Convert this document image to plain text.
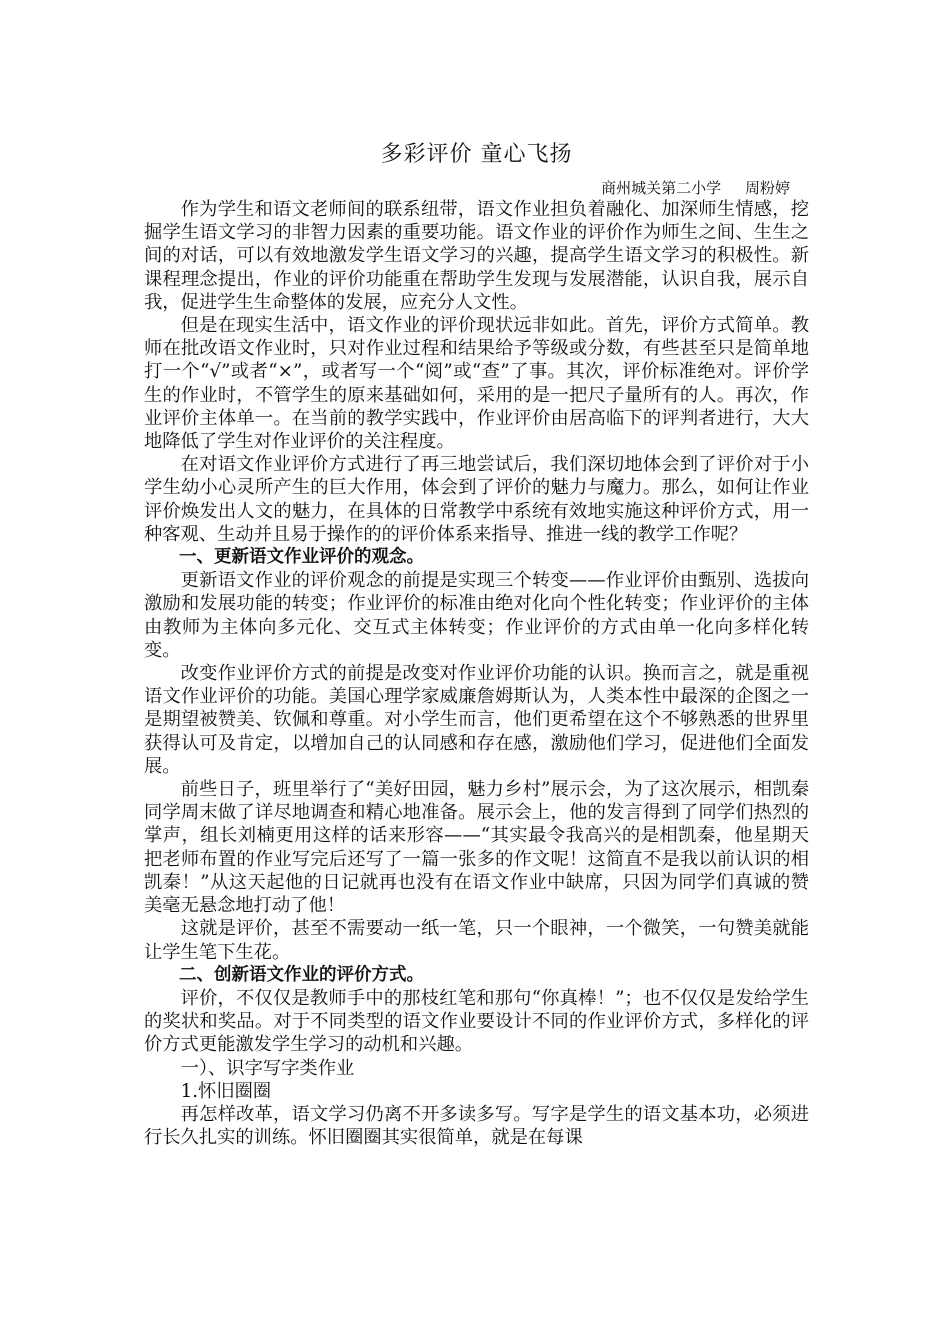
多彩评价 童心飞扬
商州城关第二小学     周粉婷

作为学生和语文老师间的联系纽带，语文作业担负着融化、加深师生情感，挖掘学生语文学习的非智力因素的重要功能。语文作业的评价作为师生之间、生生之间的对话，可以有效地激发学生语文学习的兴趣，提高学生语文学习的积极性。新课程理念提出，作业的评价功能重在帮助学生发现与发展潜能，认识自我，展示自我，促进学生生命整体的发展，应充分人文性。

但是在现实生活中，语文作业的评价现状远非如此。首先，评价方式简单。教师在批改语文作业时，只对作业过程和结果给予等级或分数，有些甚至只是简单地打一个“√”或者“×”，或者写一个“阅”或“查”了事。其次，评价标准绝对。评价学生的作业时，不管学生的原来基础如何，采用的是一把尺子量所有的人。再次，作业评价主体单一。在当前的教学实践中，作业评价由居高临下的评判者进行，大大地降低了学生对作业评价的关注程度。

在对语文作业评价方式进行了再三地尝试后，我们深切地体会到了评价对于小学生幼小心灵所产生的巨大作用，体会到了评价的魅力与魔力。那么，如何让作业评价焕发出人文的魅力，在具体的日常教学中系统有效地实施这种评价方式，用一种客观、生动并且易于操作的的评价体系来指导、推进一线的教学工作呢？

一、更新语文作业评价的观念。

更新语文作业的评价观念的前提是实现三个转变——作业评价由甄别、选拔向激励和发展功能的转变；作业评价的标准由绝对化向个性化转变；作业评价的主体由教师为主体向多元化、交互式主体转变；作业评价的方式由单一化向多样化转变。

改变作业评价方式的前提是改变对作业评价功能的认识。换而言之，就是重视语文作业评价的功能。美国心理学家威廉詹姆斯认为，人类本性中最深的企图之一是期望被赞美、钦佩和尊重。对小学生而言，他们更希望在这个不够熟悉的世界里获得认可及肯定，以增加自己的认同感和存在感，激励他们学习，促进他们全面发展。

前些日子，班里举行了“美好田园，魅力乡村”展示会，为了这次展示，相凯秦同学周末做了详尽地调查和精心地准备。展示会上，他的发言得到了同学们热烈的掌声，组长刘楠更用这样的话来形容——“其实最令我高兴的是相凯秦，他星期天把老师布置的作业写完后还写了一篇一张多的作文呢！这简直不是我以前认识的相凯秦！”从这天起他的日记就再也没有在语文作业中缺席，只因为同学们真诚的赞美毫无悬念地打动了他！

这就是评价，甚至不需要动一纸一笔，只一个眼神，一个微笑，一句赞美就能让学生笔下生花。

二、创新语文作业的评价方式。

评价，不仅仅是教师手中的那枝红笔和那句“你真棒！”；也不仅仅是发给学生的奖状和奖品。对于不同类型的语文作业要设计不同的作业评价方式，多样化的评价方式更能激发学生学习的动机和兴趣。

一）、识字写字类作业

1.怀旧圈圈

再怎样改革，语文学习仍离不开多读多写。写字是学生的语文基本功，必须进行长久扎实的训练。怀旧圈圈其实很简单，就是在每课
